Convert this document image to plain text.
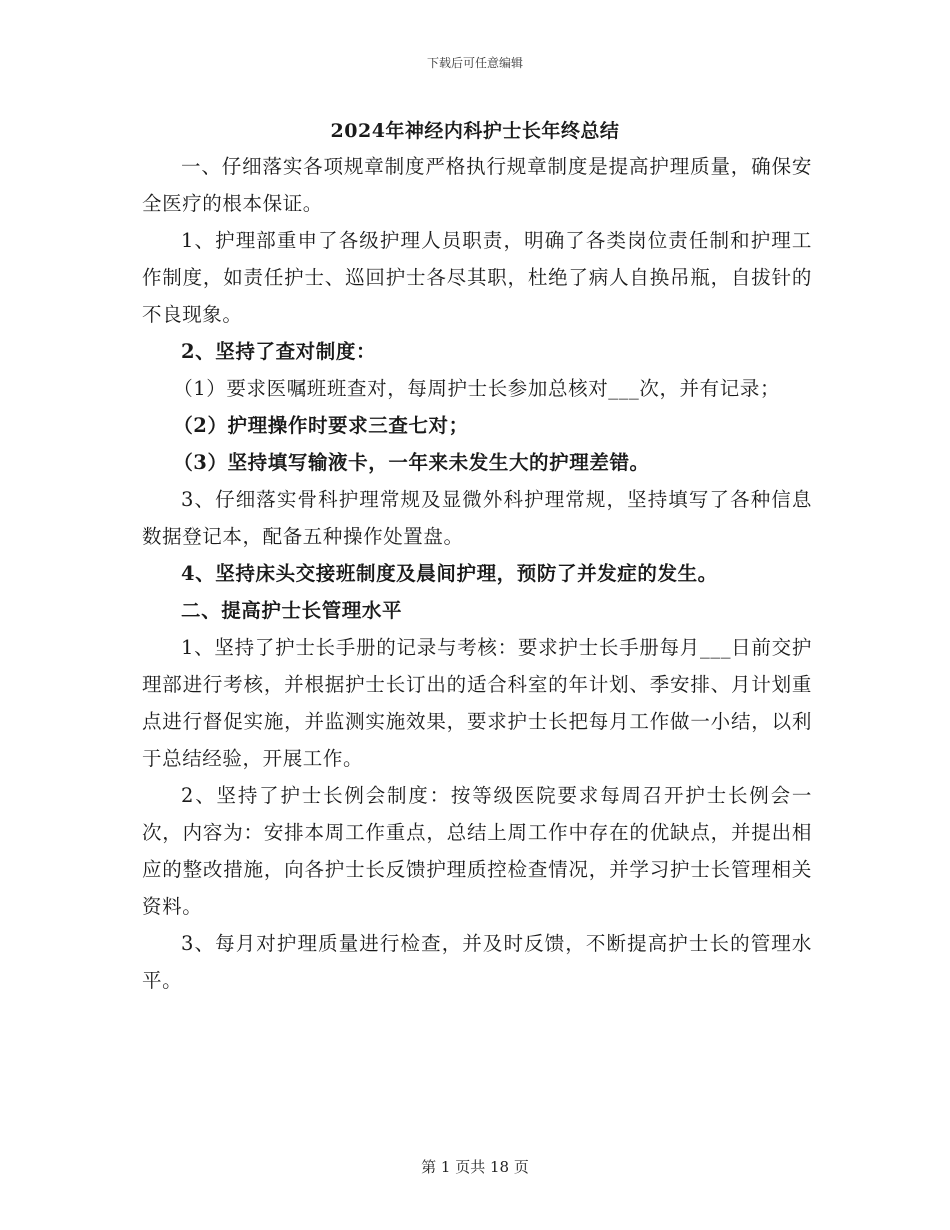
下载后可任意编辑
2024年神经内科护士长年终总结

一、仔细落实各项规章制度严格执行规章制度是提高护理质量，确保安全医疗的根本保证。

1、护理部重申了各级护理人员职责，明确了各类岗位责任制和护理工作制度，如责任护士、巡回护士各尽其职，杜绝了病人自换吊瓶，自拔针的不良现象。

2、坚持了查对制度：

（1）要求医嘱班班查对，每周护士长参加总核对___次，并有记录；

（2）护理操作时要求三查七对；

（3）坚持填写输液卡，一年来未发生大的护理差错。

3、仔细落实骨科护理常规及显微外科护理常规，坚持填写了各种信息数据登记本，配备五种操作处置盘。

4、坚持床头交接班制度及晨间护理，预防了并发症的发生。

二、提高护士长管理水平

1、坚持了护士长手册的记录与考核：要求护士长手册每月___日前交护理部进行考核，并根据护士长订出的适合科室的年计划、季安排、月计划重点进行督促实施，并监测实施效果，要求护士长把每月工作做一小结，以利于总结经验，开展工作。

2、坚持了护士长例会制度：按等级医院要求每周召开护士长例会一次，内容为：安排本周工作重点，总结上周工作中存在的优缺点，并提出相应的整改措施，向各护士长反馈护理质控检查情况，并学习护士长管理相关资料。

3、每月对护理质量进行检查，并及时反馈，不断提高护士长的管理水平。

第 1 页共 18 页
